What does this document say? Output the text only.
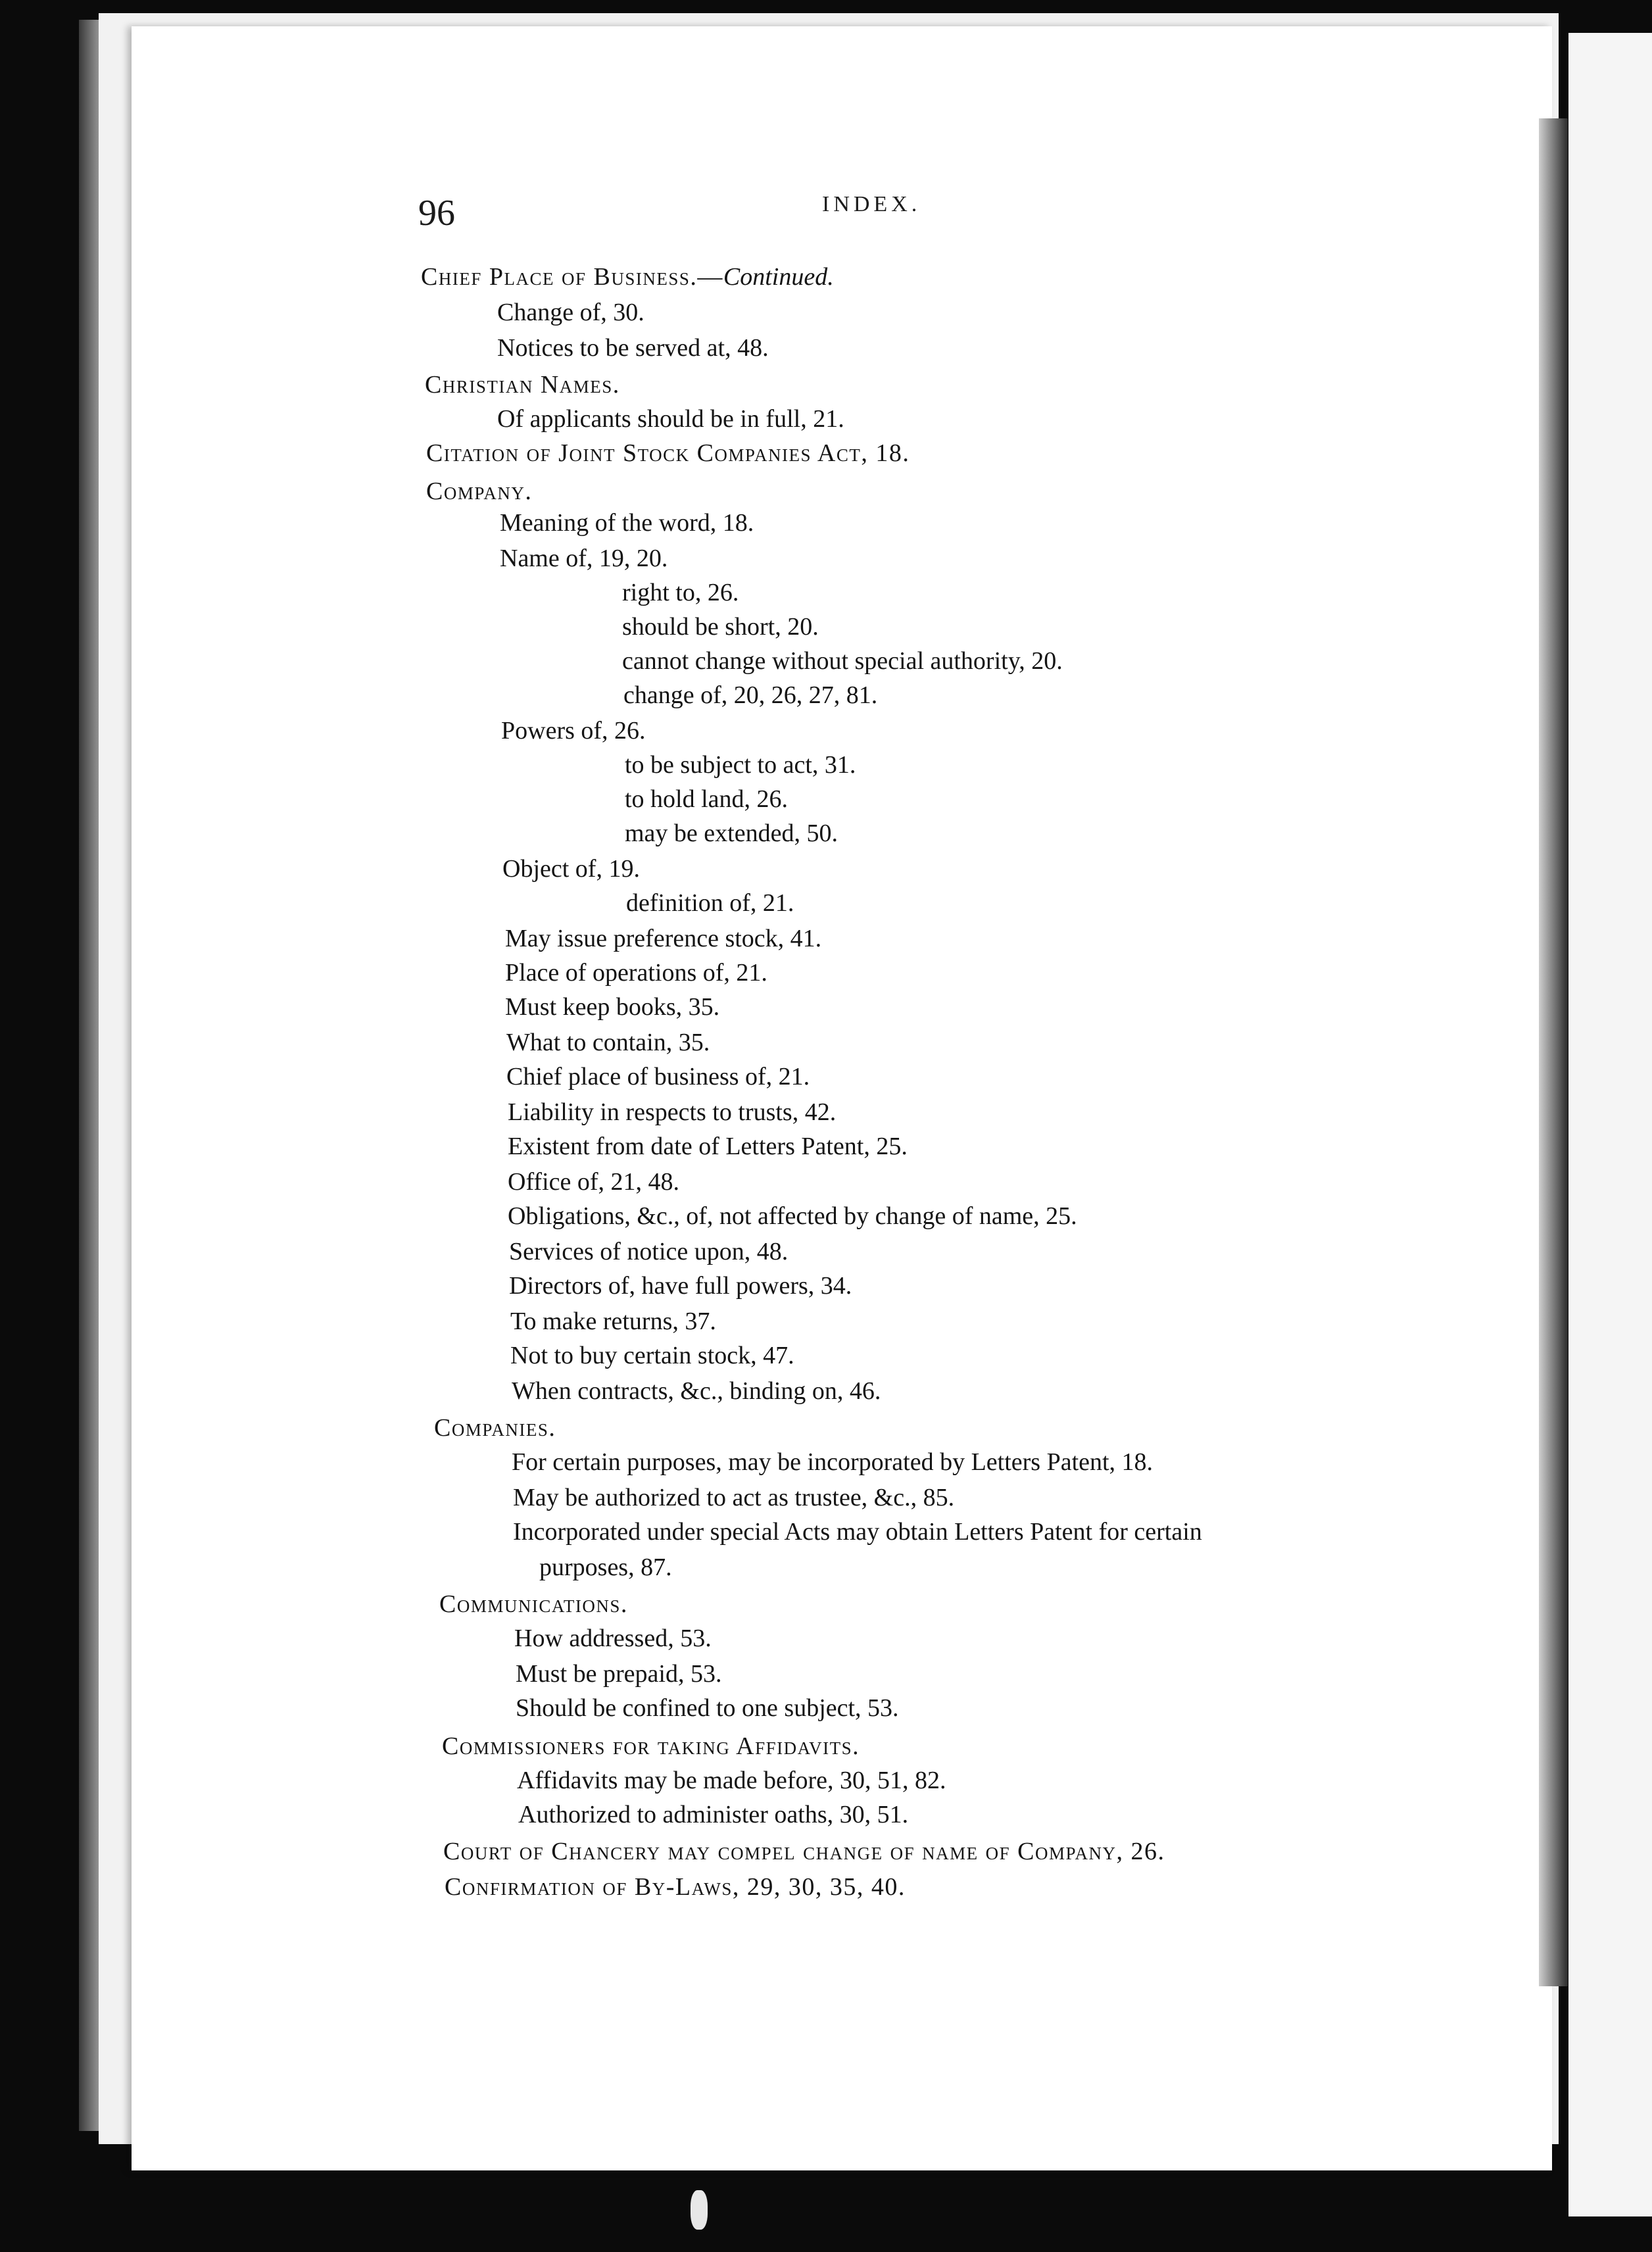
96	INDEX.
Chief Place of Business.—Continued.
Change of, 30.
Notices to be served at, 48.
Christian Names.
Of applicants should be in full, 21.
Citation of Joint Stock Companies Act, 18.
Company.
Meaning of the word, 18.
Name of, 19, 20.
right to, 26.
should be short, 20.
cannot change without special authority, 20.
change of, 20, 26, 27, 81.
Powers of, 26.
to be subject to act, 31.
to hold land, 26.
may be extended, 50.
Object of, 19.
definition of, 21.
May issue preference stock, 41.
Place of operations of, 21.
Must keep books, 35.
What to contain, 35.
Chief place of business of, 21.
Liability in respects to trusts, 42.
Existent from date of Letters Patent, 25.
Office of, 21, 48.
Obligations, &c., of, not affected by change of name, 25.
Services of notice upon, 48.
Directors of, have full powers, 34.
To make returns, 37.
Not to buy certain stock, 47.
When contracts, &c., binding on, 46.
Companies.
For certain purposes, may be incorporated by Letters Patent, 18.
May be authorized to act as trustee, &c., 85.
Incorporated under special Acts may obtain Letters Patent for certain
purposes, 87.
Communications.
How addressed, 53.
Must be prepaid, 53.
Should be confined to one subject, 53.
Commissioners for taking Affidavits.
Affidavits may be made before, 30, 51, 82.
Authorized to administer oaths, 30, 51.
Court of Chancery may compel change of name of Company, 26.
Confirmation of By-Laws, 29, 30, 35, 40.
